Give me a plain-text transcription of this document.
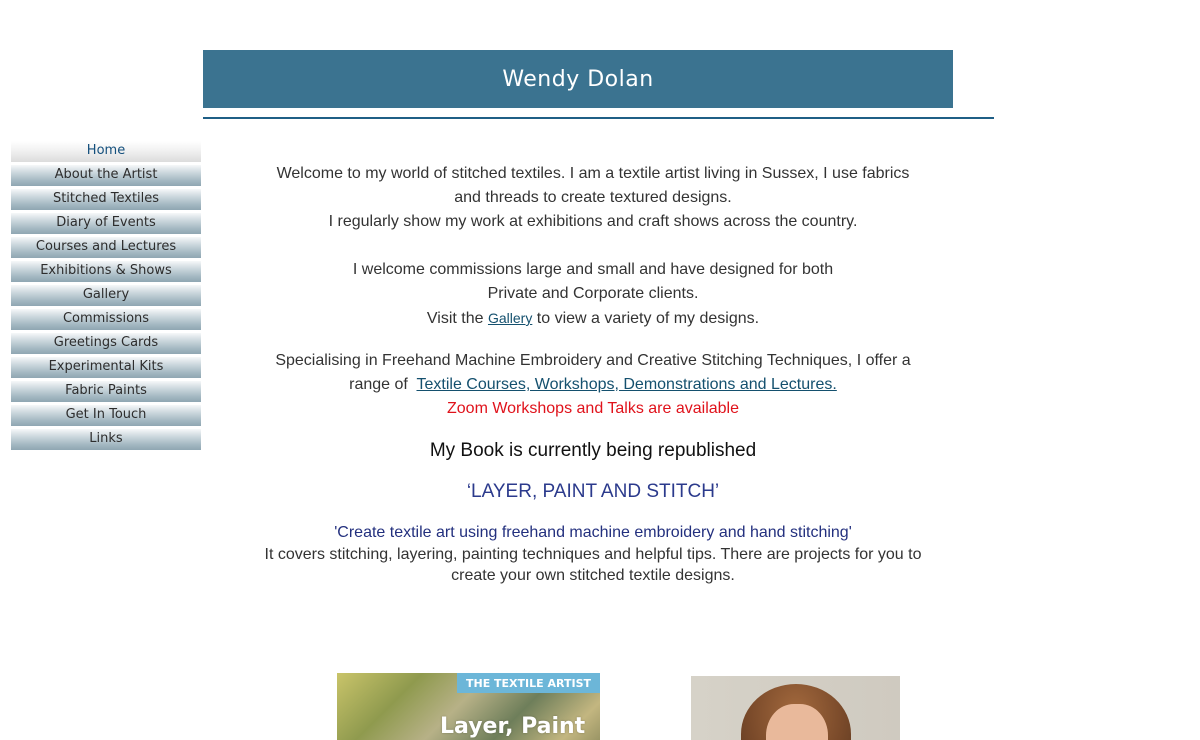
Wendy Dolan
Home
About the Artist
Stitched Textiles
Diary of Events
Courses and Lectures
Exhibitions & Shows
Gallery
Commissions
Greetings Cards
Experimental Kits
Fabric Paints
Get In Touch
Links

Welcome to my world of stitched textiles. I am a textile artist living in Sussex, I use fabrics and threads to create textured designs.

I regularly show my work at exhibitions and craft shows across the country.

I welcome commissions large and small and have designed for both

Private and Corporate clients.

Visit the Gallery to view a variety of my designs.

Specialising in Freehand Machine Embroidery and Creative Stitching Techniques, I offer a range of Textile Courses, Workshops, Demonstrations and Lectures.

Zoom Workshops and Talks are available

My Book is currently being republished

‘LAYER, PAINT AND STITCH’

'Create textile art using freehand machine embroidery and hand stitching'

It covers stitching, layering, painting techniques and helpful tips. There are projects for you to create your own stitched textile designs.

THE TEXTILE ARTIST
Layer, Paint
